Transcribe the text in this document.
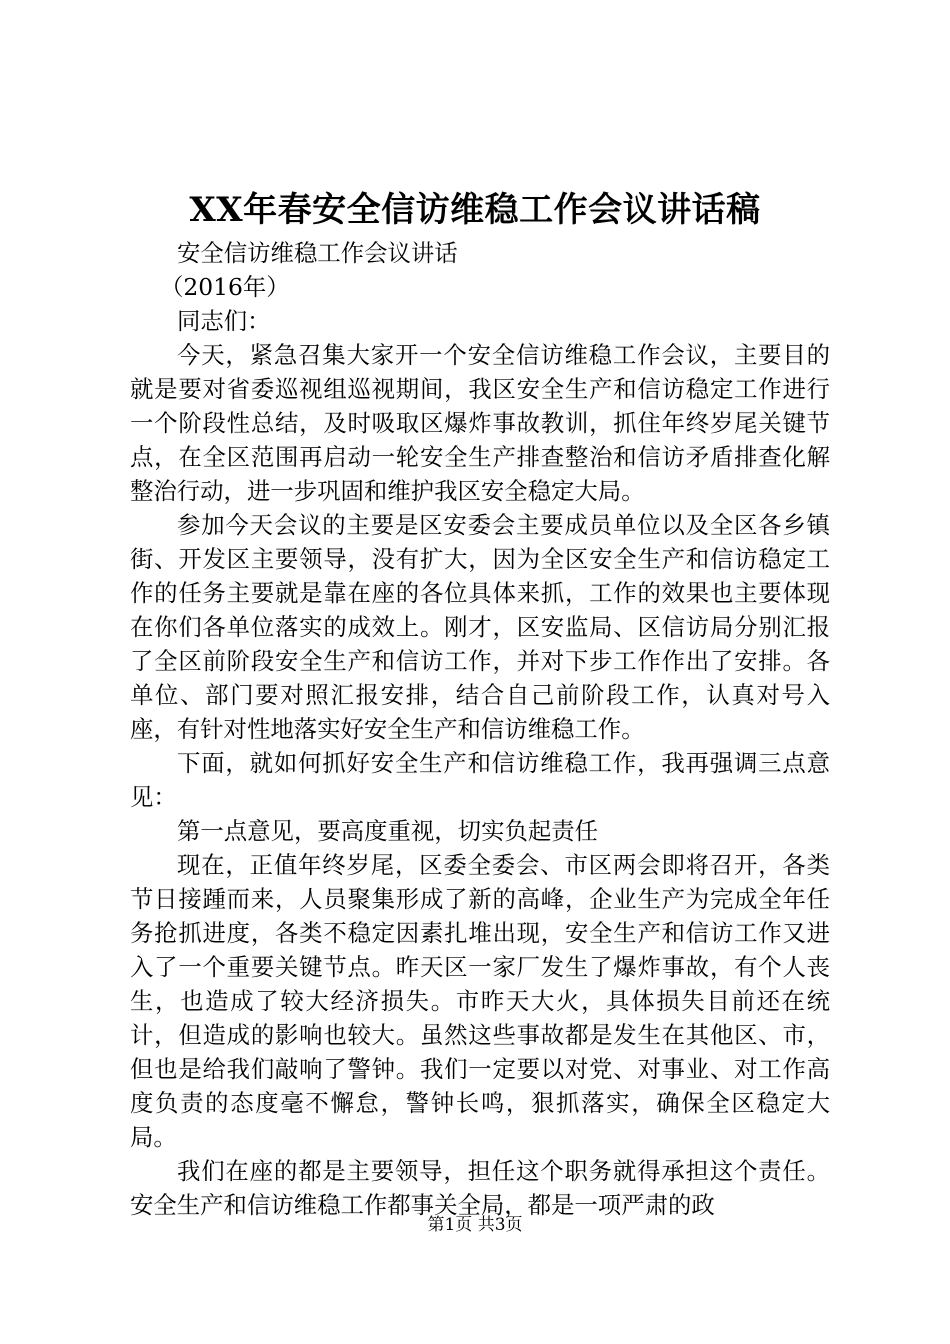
XX年春安全信访维稳工作会议讲话稿

安全信访维稳工作会议讲话

（2016年）

同志们：

今天，紧急召集大家开一个安全信访维稳工作会议，主要目的就是要对省委巡视组巡视期间，我区安全生产和信访稳定工作进行一个阶段性总结，及时吸取区爆炸事故教训，抓住年终岁尾关键节点，在全区范围再启动一轮安全生产排查整治和信访矛盾排查化解整治行动，进一步巩固和维护我区安全稳定大局。

参加今天会议的主要是区安委会主要成员单位以及全区各乡镇街、开发区主要领导，没有扩大，因为全区安全生产和信访稳定工作的任务主要就是靠在座的各位具体来抓，工作的效果也主要体现在你们各单位落实的成效上。刚才，区安监局、区信访局分别汇报了全区前阶段安全生产和信访工作，并对下步工作作出了安排。各单位、部门要对照汇报安排，结合自己前阶段工作，认真对号入座，有针对性地落实好安全生产和信访维稳工作。

下面，就如何抓好安全生产和信访维稳工作，我再强调三点意见：

第一点意见，要高度重视，切实负起责任

现在，正值年终岁尾，区委全委会、市区两会即将召开，各类节日接踵而来，人员聚集形成了新的高峰，企业生产为完成全年任务抢抓进度，各类不稳定因素扎堆出现，安全生产和信访工作又进入了一个重要关键节点。昨天区一家厂发生了爆炸事故，有个人丧生，也造成了较大经济损失。市昨天大火，具体损失目前还在统计，但造成的影响也较大。虽然这些事故都是发生在其他区、市，但也是给我们敲响了警钟。我们一定要以对党、对事业、对工作高度负责的态度毫不懈怠，警钟长鸣，狠抓落实，确保全区稳定大局。

我们在座的都是主要领导，担任这个职务就得承担这个责任。安全生产和信访维稳工作都事关全局，都是一项严肃的政

第1页 共3页
